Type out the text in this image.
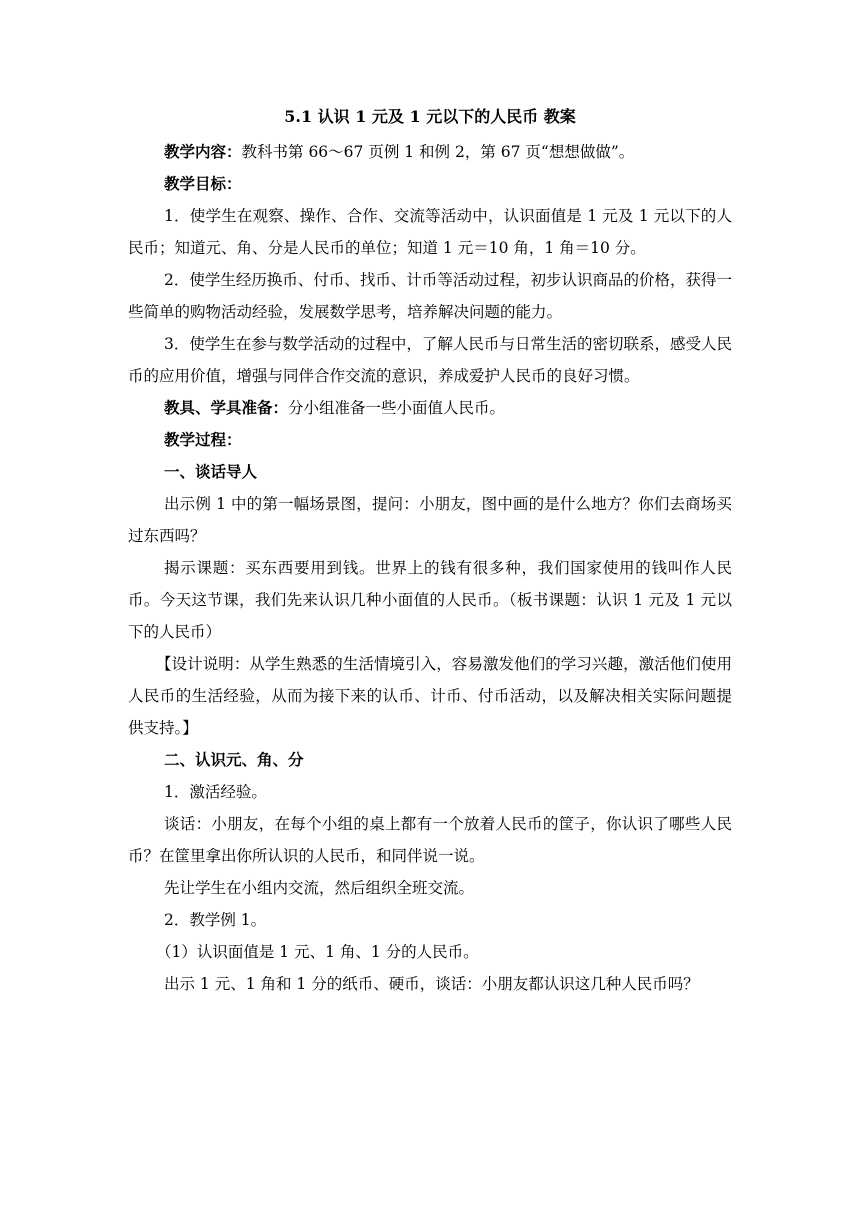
5.1 认识 1 元及 1 元以下的人民币 教案

教学内容：教科书第 66～67 页例 1 和例 2，第 67 页“想想做做”。

教学目标：

1．使学生在观察、操作、合作、交流等活动中，认识面值是 1 元及 1 元以下的人民币；知道元、角、分是人民币的单位；知道 1 元＝10 角，1 角＝10 分。

2．使学生经历换币、付币、找币、计币等活动过程，初步认识商品的价格，获得一些简单的购物活动经验，发展数学思考，培养解决问题的能力。

3．使学生在参与数学活动的过程中，了解人民币与日常生活的密切联系，感受人民币的应用价值，增强与同伴合作交流的意识，养成爱护人民币的良好习惯。

教具、学具准备：分小组准备一些小面值人民币。

教学过程：

一、谈话导人

出示例 1 中的第一幅场景图，提问：小朋友，图中画的是什么地方？你们去商场买过东西吗？

揭示课题：买东西要用到钱。世界上的钱有很多种，我们国家使用的钱叫作人民币。今天这节课，我们先来认识几种小面值的人民币。（板书课题：认识 1 元及 1 元以下的人民币）

【设计说明：从学生熟悉的生活情境引入，容易激发他们的学习兴趣，激活他们使用人民币的生活经验，从而为接下来的认币、计币、付币活动，以及解决相关实际问题提供支持。】

二、认识元、角、分

1．激活经验。

谈话：小朋友，在每个小组的桌上都有一个放着人民币的筐子，你认识了哪些人民币？在筐里拿出你所认识的人民币，和同伴说一说。

先让学生在小组内交流，然后组织全班交流。

2．教学例 1。

（1）认识面值是 1 元、1 角、1 分的人民币。

出示 1 元、1 角和 1 分的纸币、硬币，谈话：小朋友都认识这几种人民币吗？
